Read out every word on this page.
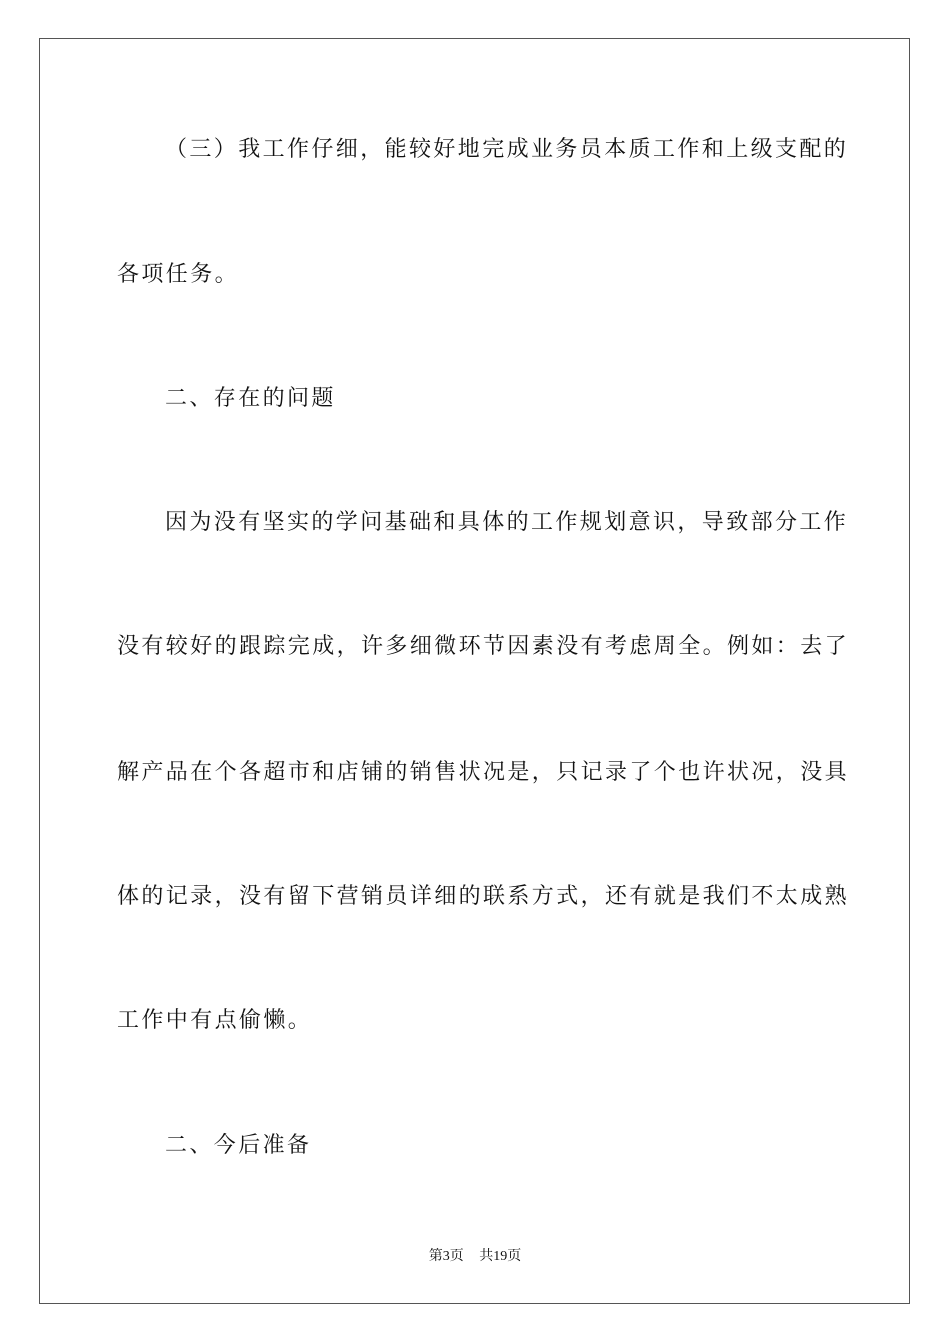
（三）我工作仔细，能较好地完成业务员本质工作和上级支配的
各项任务。
二、存在的问题
因为没有坚实的学问基础和具体的工作规划意识，导致部分工作
没有较好的跟踪完成，许多细微环节因素没有考虑周全。例如：去了
解产品在个各超市和店铺的销售状况是，只记录了个也许状况，没具
体的记录，没有留下营销员详细的联系方式，还有就是我们不太成熟
工作中有点偷懒。
二、今后准备
第3页 共19页
